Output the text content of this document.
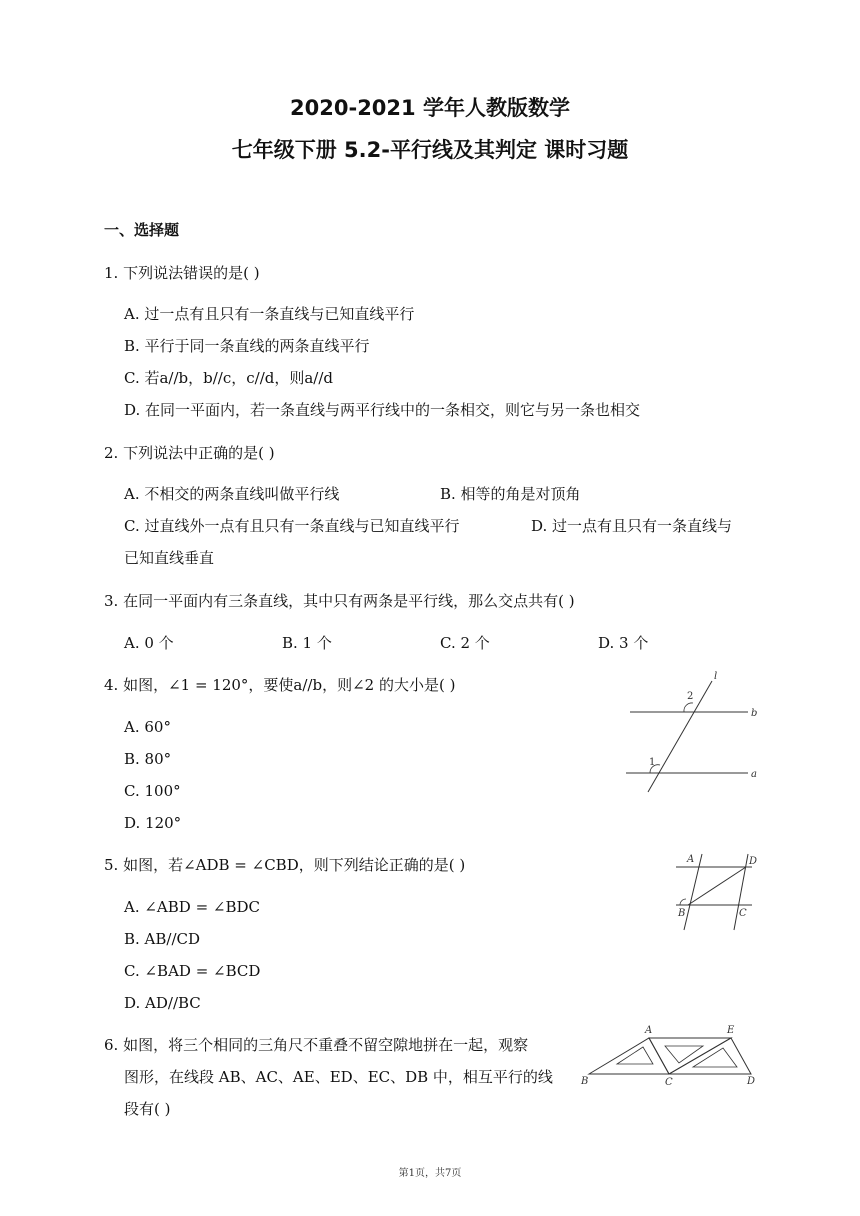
2020-2021 学年人教版数学
七年级下册 5.2-平行线及其判定 课时习题
一、选择题
1. 下列说法错误的是( )
A. 过一点有且只有一条直线与已知直线平行
B. 平行于同一条直线的两条直线平行
C. 若a//b，b//c，c//d，则a//d
D. 在同一平面内，若一条直线与两平行线中的一条相交，则它与另一条也相交
2. 下列说法中正确的是( )
A. 不相交的两条直线叫做平行线	B. 相等的角是对顶角
C. 过直线外一点有且只有一条直线与已知直线平行	D. 过一点有且只有一条直线与
已知直线垂直
3. 在同一平面内有三条直线，其中只有两条是平行线，那么交点共有( )
A. 0 个	B. 1 个	C. 2 个	D. 3 个
4. 如图，∠1 = 120°，要使a//b，则∠2 的大小是( )
A. 60°
B. 80°
C. 100°
D. 120°
l
b
a
1
2
5. 如图，若∠ADB = ∠CBD，则下列结论正确的是( )
A. ∠ABD = ∠BDC
B. AB//CD
C. ∠BAD = ∠BCD
D. AD//BC
A	D
B	C
6. 如图，将三个相同的三角尺不重叠不留空隙地拼在一起，观察
图形，在线段 AB、AC、AE、ED、EC、DB 中，相互平行的线
段有( )
A	E
B	C	D
第1页，共7页
